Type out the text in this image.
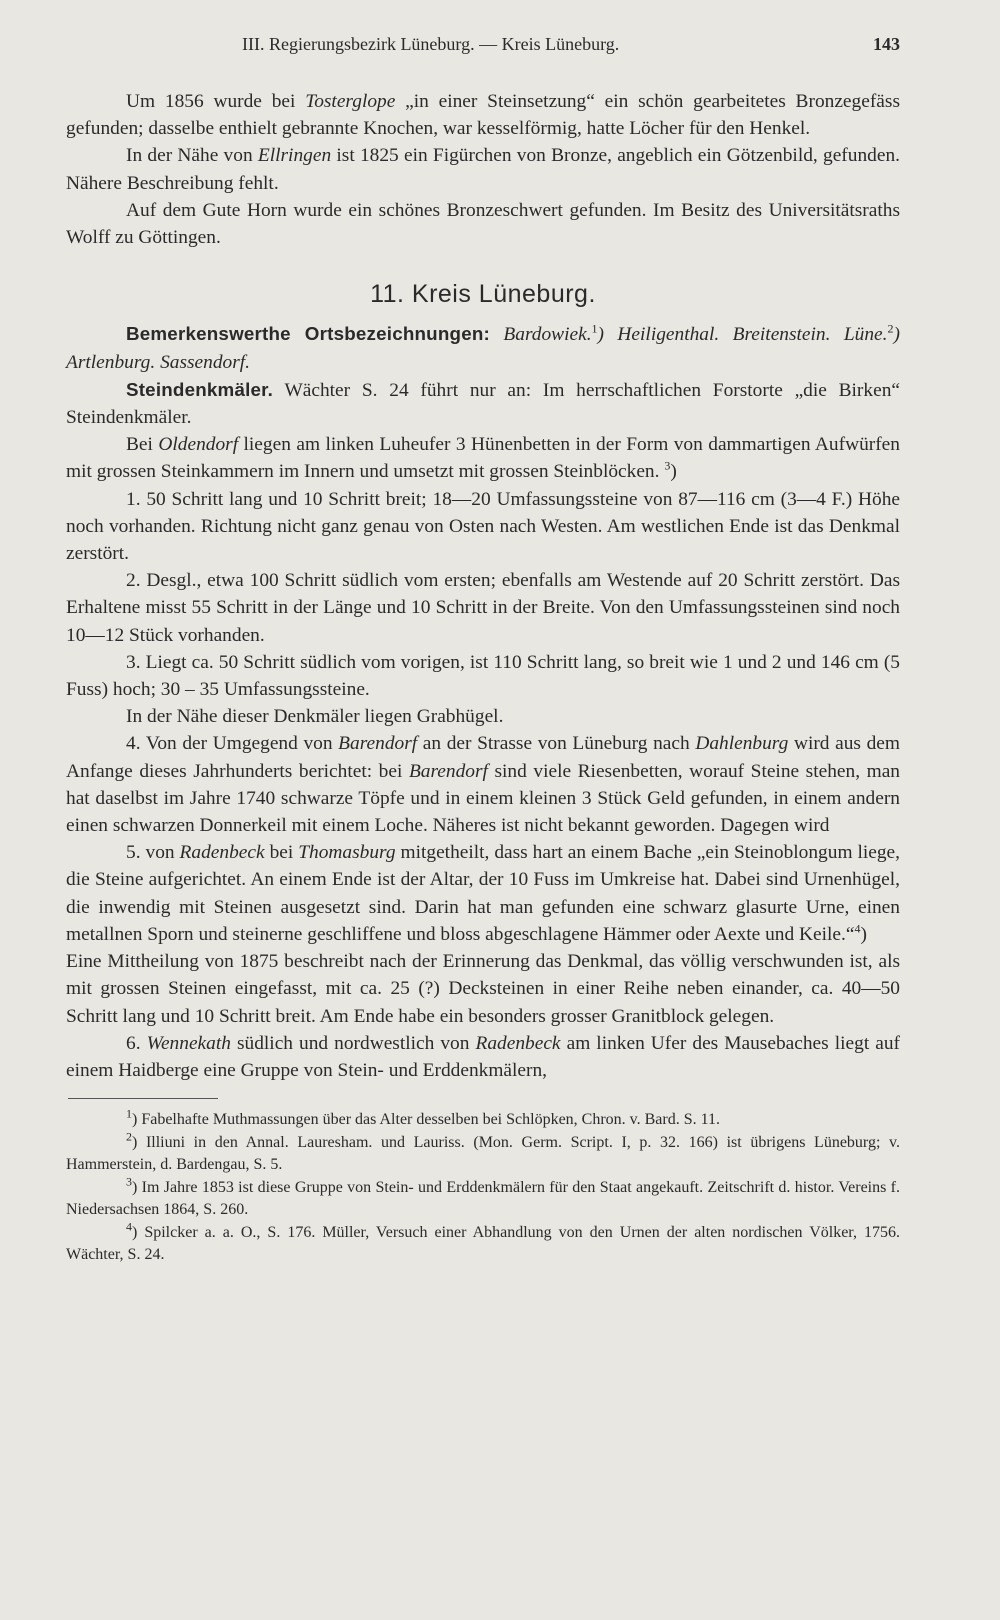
III. Regierungsbezirk Lüneburg. — Kreis Lüneburg.	143

Um 1856 wurde bei Tosterglope „in einer Steinsetzung“ ein schön gearbeitetes Bronzegefäss gefunden; dasselbe enthielt gebrannte Knochen, war kesselförmig, hatte Löcher für den Henkel.

In der Nähe von Ellringen ist 1825 ein Figürchen von Bronze, angeblich ein Götzenbild, gefunden. Nähere Beschreibung fehlt.

Auf dem Gute Horn wurde ein schönes Bronzeschwert gefunden. Im Besitz des Universitätsraths Wolff zu Göttingen.

11. Kreis Lüneburg.

Bemerkenswerthe Ortsbezeichnungen: Bardowiek.$^1$) Heiligenthal. Breitenstein. Lüne.$^2$) Artlenburg. Sassendorf.

Steindenkmäler. Wächter S. 24 führt nur an: Im herrschaftlichen Forstorte „die Birken“ Steindenkmäler.

Bei Oldendorf liegen am linken Luheufer 3 Hünenbetten in der Form von dammartigen Aufwürfen mit grossen Steinkammern im Innern und umsetzt mit grossen Steinblöcken. $^3$)

1. 50 Schritt lang und 10 Schritt breit; 18—20 Umfassungssteine von 87—116 cm (3—4 F.) Höhe noch vorhanden. Richtung nicht ganz genau von Osten nach Westen. Am westlichen Ende ist das Denkmal zerstört.

2. Desgl., etwa 100 Schritt südlich vom ersten; ebenfalls am Westende auf 20 Schritt zerstört. Das Erhaltene misst 55 Schritt in der Länge und 10 Schritt in der Breite. Von den Umfassungssteinen sind noch 10—12 Stück vorhanden.

3. Liegt ca. 50 Schritt südlich vom vorigen, ist 110 Schritt lang, so breit wie 1 und 2 und 146 cm (5 Fuss) hoch; 30 – 35 Umfassungssteine.

In der Nähe dieser Denkmäler liegen Grabhügel.

4. Von der Umgegend von Barendorf an der Strasse von Lüneburg nach Dahlenburg wird aus dem Anfange dieses Jahrhunderts berichtet: bei Barendorf sind viele Riesenbetten, worauf Steine stehen, man hat daselbst im Jahre 1740 schwarze Töpfe und in einem kleinen 3 Stück Geld gefunden, in einem andern einen schwarzen Donnerkeil mit einem Loche. Näheres ist nicht bekannt geworden. Dagegen wird

5. von Radenbeck bei Thomasburg mitgetheilt, dass hart an einem Bache „ein Steinoblongum liege, die Steine aufgerichtet. An einem Ende ist der Altar, der 10 Fuss im Umkreise hat. Dabei sind Urnenhügel, die inwendig mit Steinen ausgesetzt sind. Darin hat man gefunden eine schwarz glasurte Urne, einen metallnen Sporn und steinerne geschliffene und bloss abgeschlagene Hämmer oder Aexte und Keile.“$^4$)

Eine Mittheilung von 1875 beschreibt nach der Erinnerung das Denkmal, das völlig verschwunden ist, als mit grossen Steinen eingefasst, mit ca. 25 (?) Decksteinen in einer Reihe neben einander, ca. 40—50 Schritt lang und 10 Schritt breit. Am Ende habe ein besonders grosser Granitblock gelegen.

6. Wennekath südlich und nordwestlich von Radenbeck am linken Ufer des Mausebaches liegt auf einem Haidberge eine Gruppe von Stein- und Erddenkmälern,

$^1$) Fabelhafte Muthmassungen über das Alter desselben bei Schlöpken, Chron. v. Bard. S. 11.

$^2$) Illiuni in den Annal. Lauresham. und Lauriss. (Mon. Germ. Script. I, p. 32. 166) ist übrigens Lüneburg; v. Hammerstein, d. Bardengau, S. 5.

$^3$) Im Jahre 1853 ist diese Gruppe von Stein- und Erddenkmälern für den Staat angekauft. Zeitschrift d. histor. Vereins f. Niedersachsen 1864, S. 260.

$^4$) Spilcker a. a. O., S. 176. Müller, Versuch einer Abhandlung von den Urnen der alten nordischen Völker, 1756. Wächter, S. 24.
